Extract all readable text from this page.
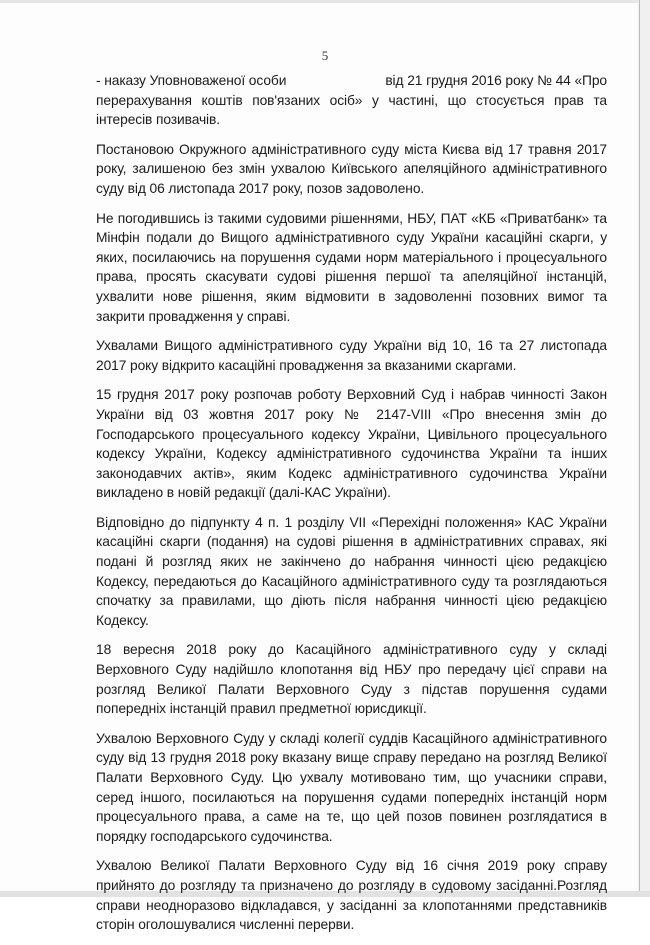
5

- наказу Уповноваженої особи	від 21 грудня 2016 року № 44 «Про
перерахування коштів пов'язаних осіб» у частині, що стосується прав та інтересів позивачів.

Постановою Окружного адміністративного суду міста Києва від 17 травня 2017 року, залишеною без змін ухвалою Київського апеляційного адміністративного суду від 06 листопада 2017 року, позов задоволено.

Не погодившись із такими судовими рішеннями, НБУ, ПАТ «КБ «Приватбанк» та Мінфін подали до Вищого адміністративного суду України касаційні скарги, у яких, посилаючись на порушення судами норм матеріального і процесуального права, просять скасувати судові рішення першої та апеляційної інстанцій, ухвалити нове рішення, яким відмовити в задоволенні позовних вимог та закрити провадження у справі.

Ухвалами Вищого адміністративного суду України від 10, 16 та 27 листопада 2017 року відкрито касаційні провадження за вказаними скаргами.

15 грудня 2017 року розпочав роботу Верховний Суд і набрав чинності Закон України від 03 жовтня 2017 року № 2147-VIII «Про внесення змін до Господарського процесуального кодексу України, Цивільного процесуального кодексу України, Кодексу адміністративного судочинства України та інших законодавчих актів», яким Кодекс адміністративного судочинства України викладено в новій редакції (далі-КАС України).

Відповідно до підпункту 4 п. 1 розділу VII «Перехідні положення» КАС України касаційні скарги (подання) на судові рішення в адміністративних справах, які подані й розгляд яких не закінчено до набрання чинності цією редакцією Кодексу, передаються до Касаційного адміністративного суду та розглядаються спочатку за правилами, що діють після набрання чинності цією редакцією Кодексу.

18 вересня 2018 року до Касаційного адміністративного суду у складі Верховного Суду надійшло клопотання від НБУ про передачу цієї справи на розгляд Великої Палати Верховного Суду з підстав порушення судами попередніх інстанцій правил предметної юрисдикції.

Ухвалою Верховного Суду у складі колегії суддів Касаційного адміністративного суду від 13 грудня 2018 року вказану вище справу передано на розгляд Великої Палати Верховного Суду. Цю ухвалу мотивовано тим, що учасники справи, серед іншого, посилаються на порушення судами попередніх інстанцій норм процесуального права, а саме на те, що цей позов повинен розглядатися в порядку господарського судочинства.

Ухвалою Великої Палати Верховного Суду від 16 січня 2019 року справу прийнято до розгляду та призначено до розгляду в судовому засіданні.Розгляд справи неодноразово відкладався, у засіданні за клопотаннями представників сторін оголошувалися численні перерви.
